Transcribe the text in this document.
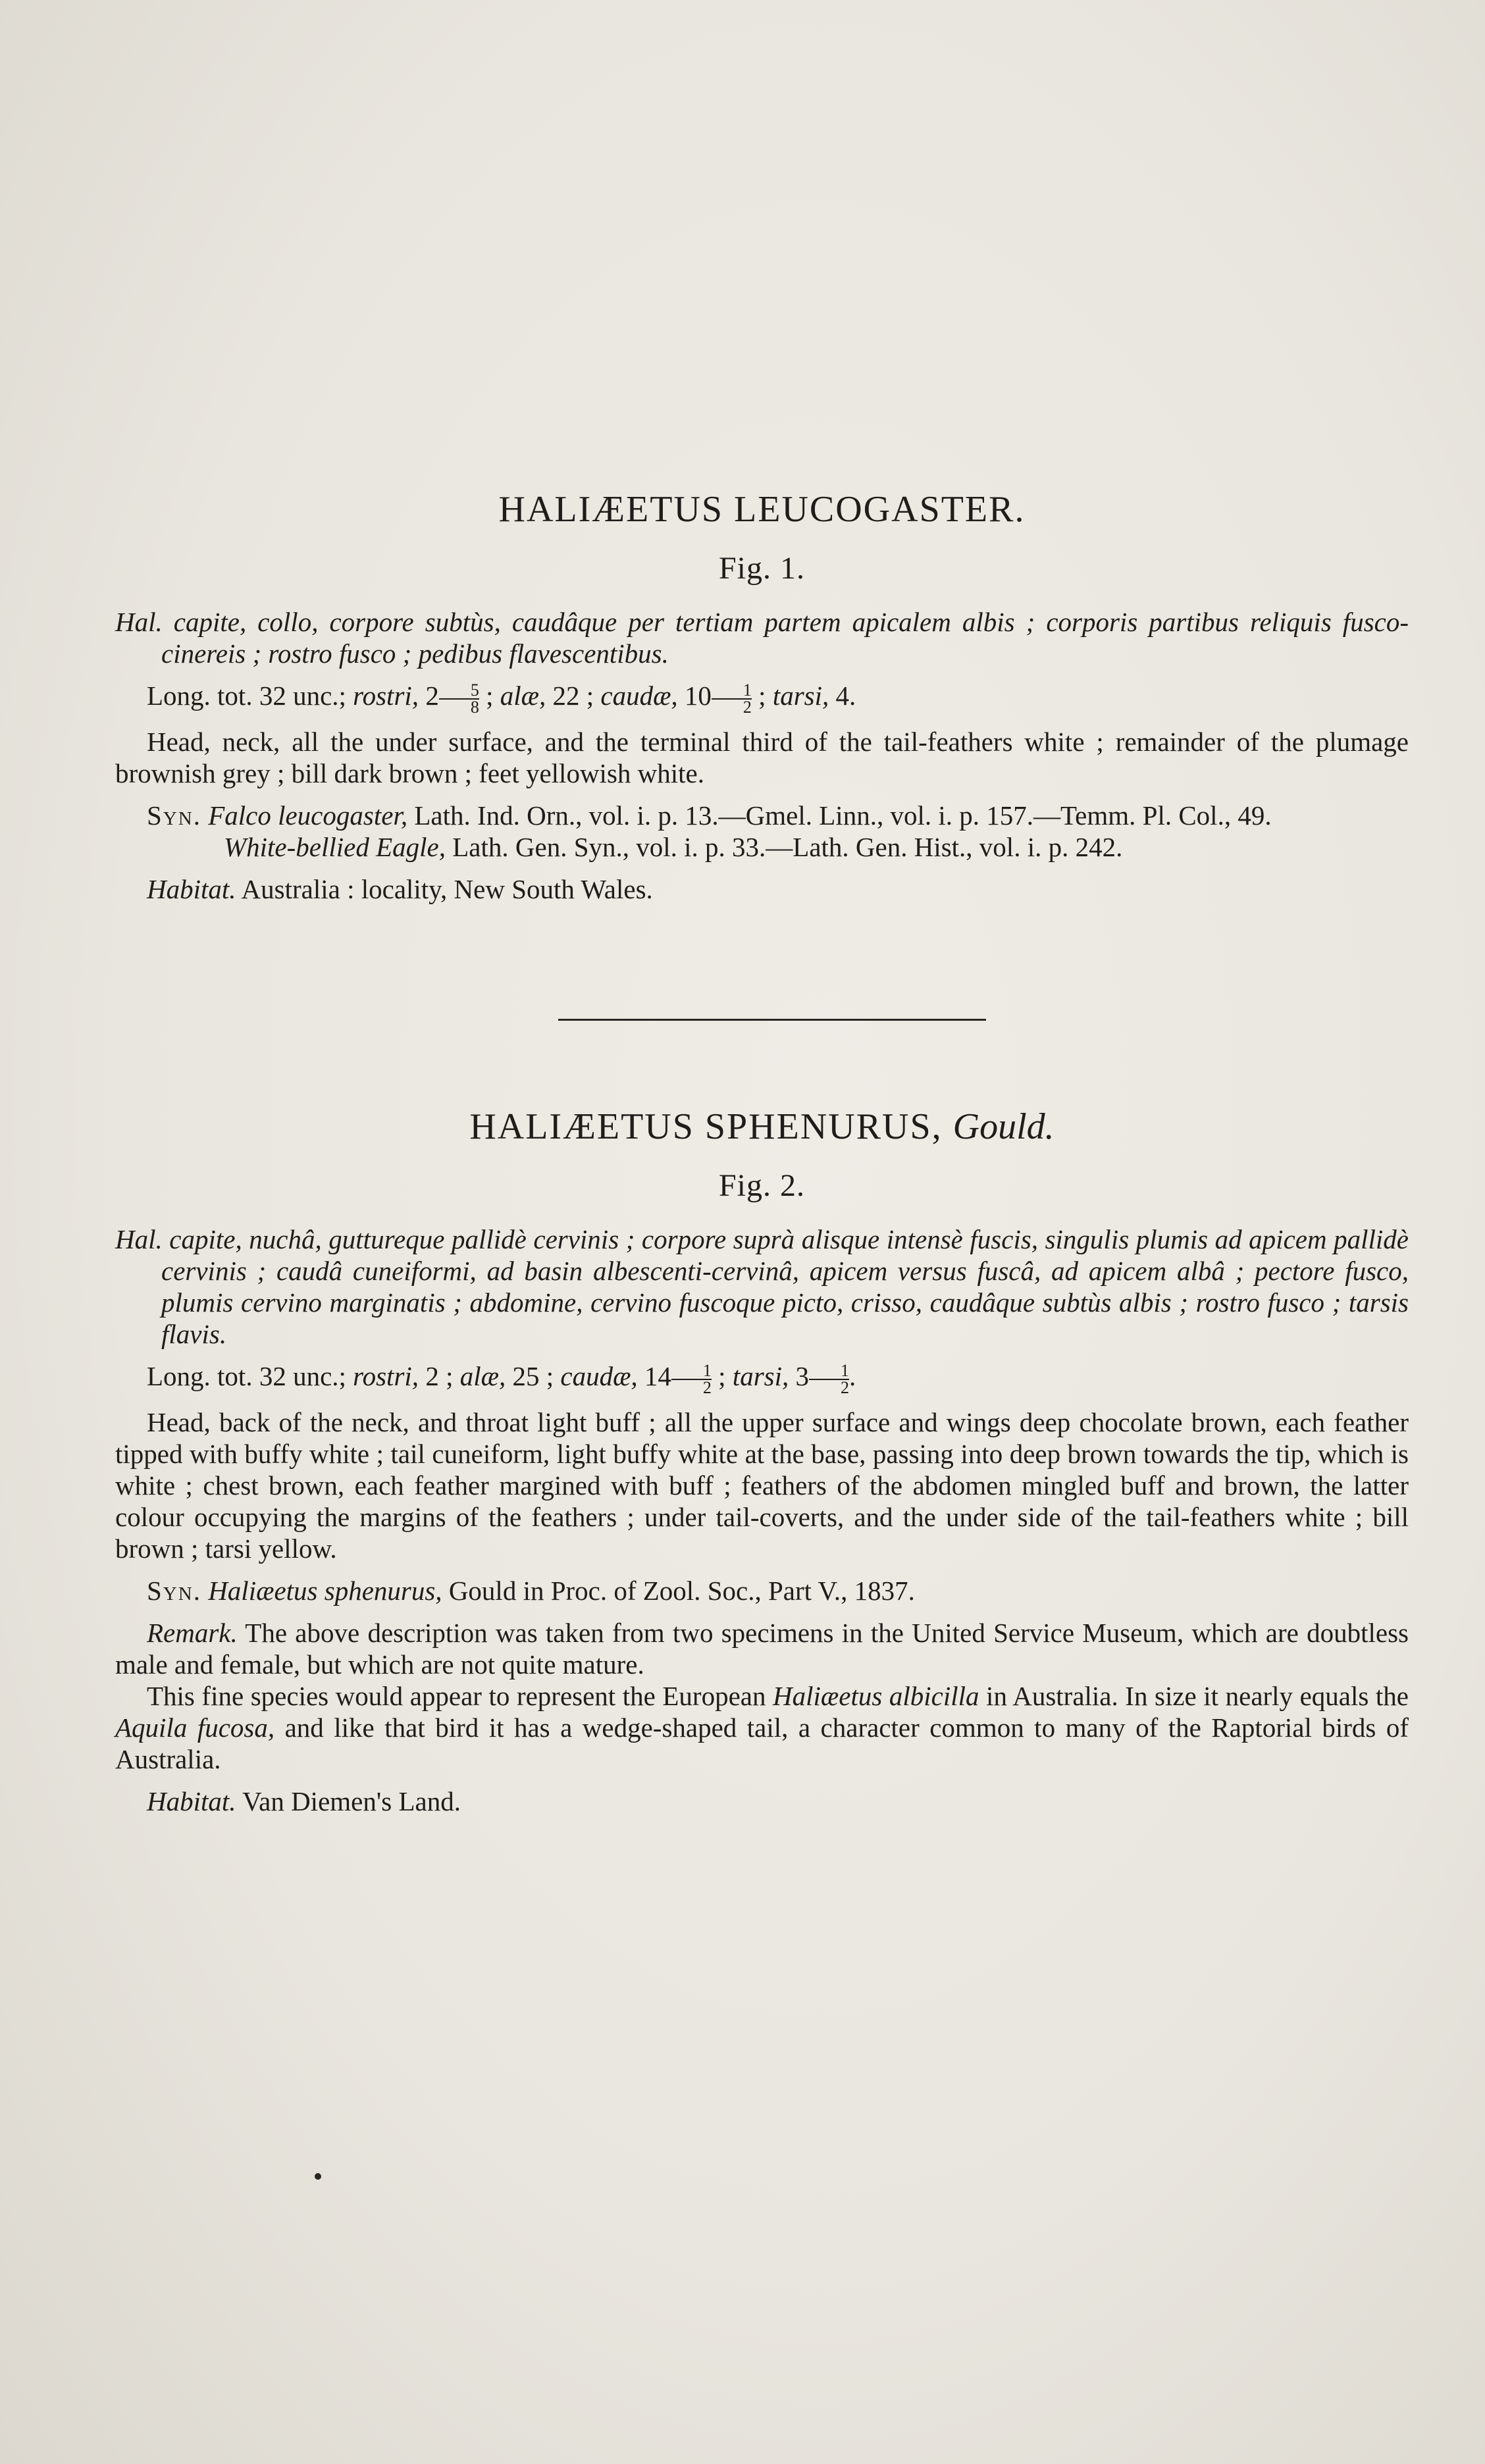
HALIÆETUS LEUCOGASTER.
Fig. 1.

Hal. capite, collo, corpore subtùs, caudâque per tertiam partem apicalem albis ; corporis partibus reliquis fusco-cinereis ; rostro fusco ; pedibus flavescentibus.

Long. tot. 32 unc.; rostri, $2 \frac{5}{8}$ ; alæ, 22 ; caudæ, $10 \frac{1}{2}$ ; tarsi, 4.

Head, neck, all the under surface, and the terminal third of the tail-feathers white ; remainder of the plumage brownish grey ; bill dark brown ; feet yellowish white.

Syn. Falco leucogaster, Lath. Ind. Orn., vol. i. p. 13.—Gmel. Linn., vol. i. p. 157.—Temm. Pl. Col., 49.

White-bellied Eagle, Lath. Gen. Syn., vol. i. p. 33.—Lath. Gen. Hist., vol. i. p. 242.

Habitat. Australia : locality, New South Wales.

HALIÆETUS SPHENURUS, Gould.
Fig. 2.

Hal. capite, nuchâ, guttureque pallidè cervinis ; corpore suprà alisque intensè fuscis, singulis plumis ad apicem pallidè cervinis ; caudâ cuneiformi, ad basin albescenti-cervinâ, apicem versus fuscâ, ad apicem albâ ; pectore fusco, plumis cervino marginatis ; abdomine, cervino fuscoque picto, crisso, caudâque subtùs albis ; rostro fusco ; tarsis flavis.

Long. tot. 32 unc.; rostri, 2 ; alæ, 25 ; caudæ, $14 \frac{1}{2}$ ; tarsi, $3 \frac{1}{2}$ .

Head, back of the neck, and throat light buff ; all the upper surface and wings deep chocolate brown, each feather tipped with buffy white ; tail cuneiform, light buffy white at the base, passing into deep brown towards the tip, which is white ; chest brown, each feather margined with buff ; feathers of the abdomen mingled buff and brown, the latter colour occupying the margins of the feathers ; under tail-coverts, and the under side of the tail-feathers white ; bill brown ; tarsi yellow.

Syn. Haliæetus sphenurus, Gould in Proc. of Zool. Soc., Part V., 1837.

Remark. The above description was taken from two specimens in the United Service Museum, which are doubtless male and female, but which are not quite mature.

This fine species would appear to represent the European Haliæetus albicilla in Australia. In size it nearly equals the Aquila fucosa, and like that bird it has a wedge-shaped tail, a character common to many of the Raptorial birds of Australia.

Habitat. Van Diemen's Land.
